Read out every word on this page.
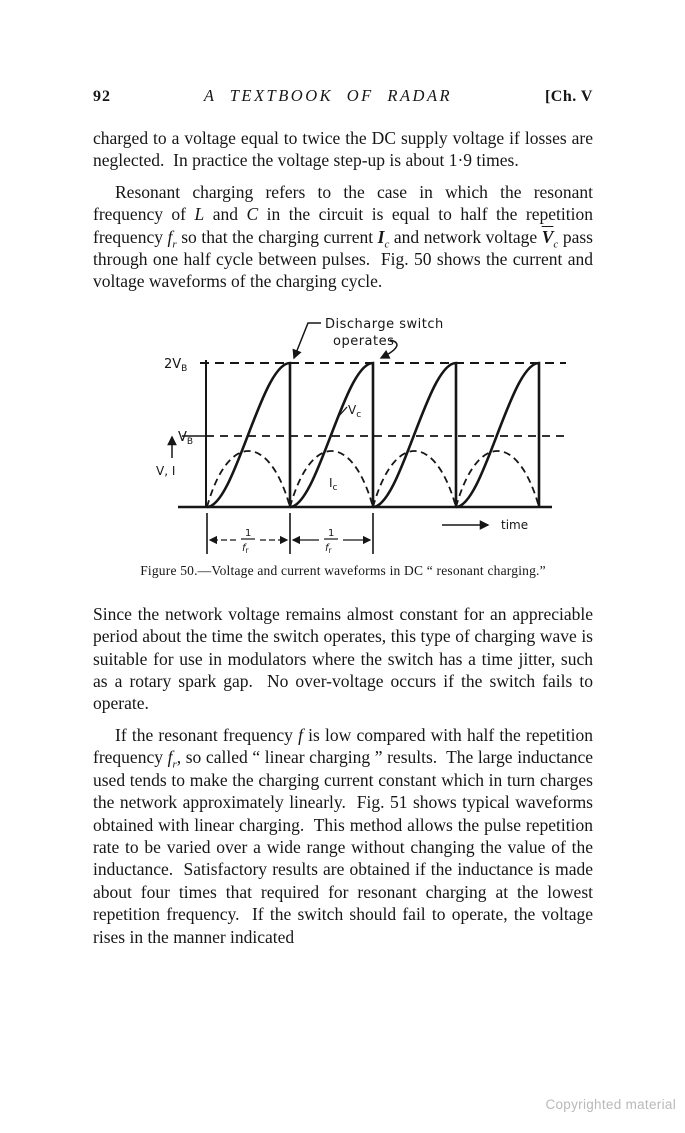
92	A TEXTBOOK OF RADAR	[Ch. V

charged to a voltage equal to twice the DC supply voltage if losses are neglected.  In practice the voltage step-up is about 1·9 times.

Resonant charging refers to the case in which the resonant frequency of L and C in the circuit is equal to half the repetition frequency $f_r$ so that the charging current $I_c$ and network voltage $\overline{V}_c$ pass through one half cycle between pulses.  Fig. 50 shows the current and voltage waveforms of the charging cycle.

Discharge switch
operates
$2V_B$
$V_B$
V, I
$V_c$
$I_c$
time
1
$f_r$
1
$f_r$
Figure 50.—Voltage and current waveforms in DC “ resonant charging.”

Since the network voltage remains almost constant for an appreciable period about the time the switch operates, this type of charging wave is suitable for use in modulators where the switch has a time jitter, such as a rotary spark gap.  No over-voltage occurs if the switch fails to operate.

If the resonant frequency f is low compared with half the repetition frequency $f_r$, so called “ linear charging ” results.  The large inductance used tends to make the charging current constant which in turn charges the network approximately linearly.  Fig. 51 shows typical waveforms obtained with linear charging.  This method allows the pulse repetition rate to be varied over a wide range without changing the value of the inductance.  Satisfactory results are obtained if the inductance is made about four times that required for resonant charging at the lowest repetition frequency.  If the switch should fail to operate, the voltage rises in the manner indicated

Copyrighted material
